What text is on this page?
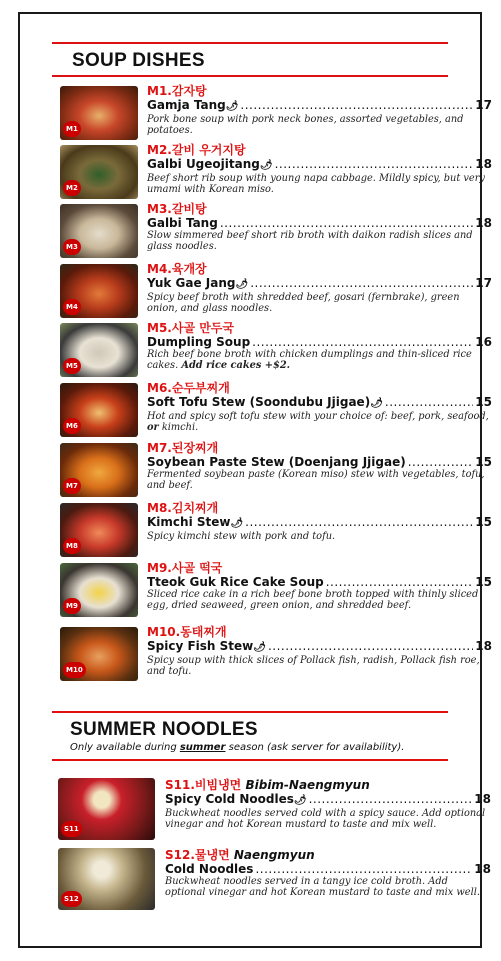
SOUP DISHES
M1
M1.감자탕
Gamja Tang 🌶 .....	17
Pork bone soup with pork neck bones, assorted vegetables, and potatoes.
M2
M2.갈비 우거지탕
Galbi Ugeojitang 🌶 .....	18
Beef short rib soup with young napa cabbage. Mildly spicy, but very umami with Korean miso.
M3
M3.갈비탕
Galbi Tang .....	18
Slow simmered beef short rib broth with daikon radish slices and glass noodles.
M4
M4.육개장
Yuk Gae Jang 🌶 .....	17
Spicy beef broth with shredded beef, gosari (fernbrake), green onion, and glass noodles.
M5
M5.사골 만두국
Dumpling Soup .....	16
Rich beef bone broth with chicken dumplings and thin-sliced rice cakes. Add rice cakes +$2.
M6
M6.순두부찌개
Soft Tofu Stew (Soondubu Jjigae) 🌶 .....	15
Hot and spicy soft tofu stew with your choice of: beef, pork, seafood, or kimchi.
M7
M7.된장찌개
Soybean Paste Stew (Doenjang Jjigae) .....	15
Fermented soybean paste (Korean miso) stew with vegetables, tofu, and beef.
M8
M8.김치찌개
Kimchi Stew 🌶 .....	15
Spicy kimchi stew with pork and tofu.
M9
M9.사골 떡국
Tteok Guk Rice Cake Soup .....	15
Sliced rice cake in a rich beef bone broth topped with thinly sliced egg, dried seaweed, green onion, and shredded beef.
M10
M10.동태찌개
Spicy Fish Stew 🌶 .....	18
Spicy soup with thick slices of Pollack fish, radish, Pollack fish roe, and tofu.
SUMMER NOODLES
Only available during summer season (ask server for availability).
S11
S11.비빔냉면 Bibim-Naengmyun
Spicy Cold Noodles 🌶 .....	18
Buckwheat noodles served cold with a spicy sauce. Add optional vinegar and hot Korean mustard to taste and mix well.
S12
S12.물냉면 Naengmyun
Cold Noodles .....	18
Buckwheat noodles served in a tangy ice cold broth. Add optional vinegar and hot Korean mustard to taste and mix well.
